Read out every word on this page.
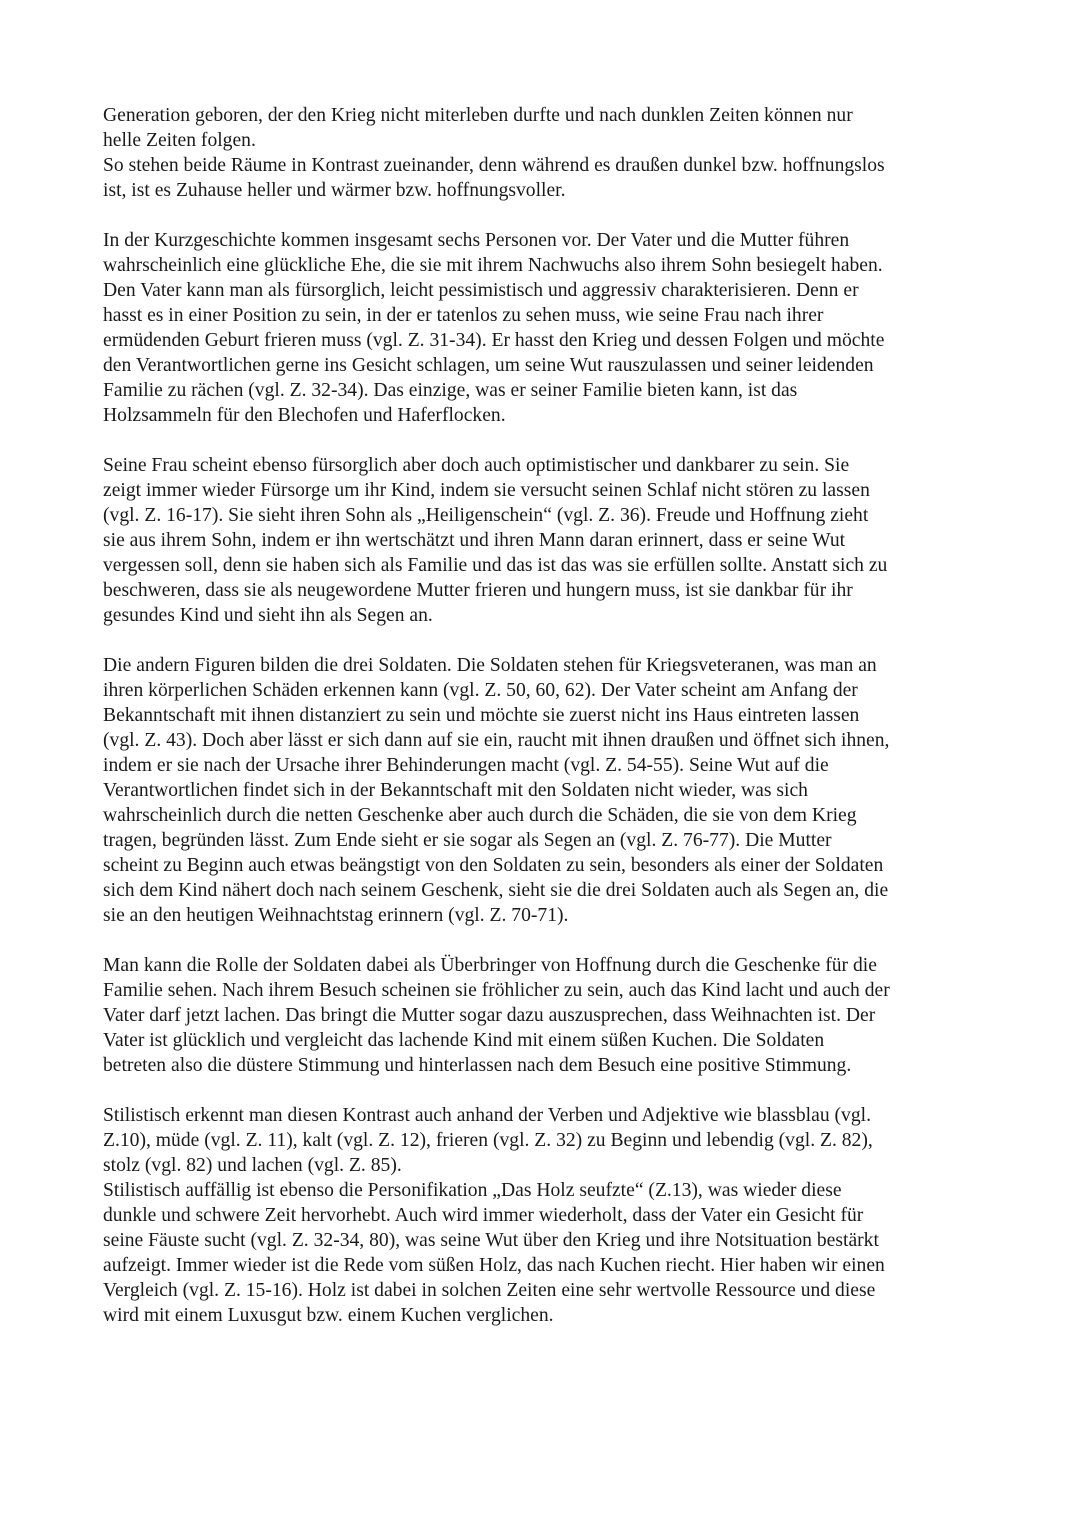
Generation geboren, der den Krieg nicht miterleben durfte und nach dunklen Zeiten können nur
helle Zeiten folgen.
So stehen beide Räume in Kontrast zueinander, denn während es draußen dunkel bzw. hoffnungslos
ist, ist es Zuhause heller und wärmer bzw. hoffnungsvoller.
In der Kurzgeschichte kommen insgesamt sechs Personen vor. Der Vater und die Mutter führen
wahrscheinlich eine glückliche Ehe, die sie mit ihrem Nachwuchs also ihrem Sohn besiegelt haben.
Den Vater kann man als fürsorglich, leicht pessimistisch und aggressiv charakterisieren. Denn er
hasst es in einer Position zu sein, in der er tatenlos zu sehen muss, wie seine Frau nach ihrer
ermüdenden Geburt frieren muss (vgl. Z. 31-34). Er hasst den Krieg und dessen Folgen und möchte
den Verantwortlichen gerne ins Gesicht schlagen, um seine Wut rauszulassen und seiner leidenden
Familie zu rächen (vgl. Z. 32-34). Das einzige, was er seiner Familie bieten kann, ist das
Holzsammeln für den Blechofen und Haferflocken.
Seine Frau scheint ebenso fürsorglich aber doch auch optimistischer und dankbarer zu sein. Sie
zeigt immer wieder Fürsorge um ihr Kind, indem sie versucht seinen Schlaf nicht stören zu lassen
(vgl. Z. 16-17). Sie sieht ihren Sohn als „Heiligenschein“ (vgl. Z. 36). Freude und Hoffnung zieht
sie aus ihrem Sohn, indem er ihn wertschätzt und ihren Mann daran erinnert, dass er seine Wut
vergessen soll, denn sie haben sich als Familie und das ist das was sie erfüllen sollte. Anstatt sich zu
beschweren, dass sie als neugewordene Mutter frieren und hungern muss, ist sie dankbar für ihr
gesundes Kind und sieht ihn als Segen an.
Die andern Figuren bilden die drei Soldaten. Die Soldaten stehen für Kriegsveteranen, was man an
ihren körperlichen Schäden erkennen kann (vgl. Z. 50, 60, 62). Der Vater scheint am Anfang der
Bekanntschaft mit ihnen distanziert zu sein und möchte sie zuerst nicht ins Haus eintreten lassen
(vgl. Z. 43). Doch aber lässt er sich dann auf sie ein, raucht mit ihnen draußen und öffnet sich ihnen,
indem er sie nach der Ursache ihrer Behinderungen macht (vgl. Z. 54-55). Seine Wut auf die
Verantwortlichen findet sich in der Bekanntschaft mit den Soldaten nicht wieder, was sich
wahrscheinlich durch die netten Geschenke aber auch durch die Schäden, die sie von dem Krieg
tragen, begründen lässt. Zum Ende sieht er sie sogar als Segen an (vgl. Z. 76-77). Die Mutter
scheint zu Beginn auch etwas beängstigt von den Soldaten zu sein, besonders als einer der Soldaten
sich dem Kind nähert doch nach seinem Geschenk, sieht sie die drei Soldaten auch als Segen an, die
sie an den heutigen Weihnachtstag erinnern (vgl. Z. 70-71).
Man kann die Rolle der Soldaten dabei als Überbringer von Hoffnung durch die Geschenke für die
Familie sehen. Nach ihrem Besuch scheinen sie fröhlicher zu sein, auch das Kind lacht und auch der
Vater darf jetzt lachen. Das bringt die Mutter sogar dazu auszusprechen, dass Weihnachten ist. Der
Vater ist glücklich und vergleicht das lachende Kind mit einem süßen Kuchen. Die Soldaten
betreten also die düstere Stimmung und hinterlassen nach dem Besuch eine positive Stimmung.
Stilistisch erkennt man diesen Kontrast auch anhand der Verben und Adjektive wie blassblau (vgl.
Z.10), müde (vgl. Z. 11), kalt (vgl. Z. 12), frieren (vgl. Z. 32) zu Beginn und lebendig (vgl. Z. 82),
stolz (vgl. 82) und lachen (vgl. Z. 85).
Stilistisch auffällig ist ebenso die Personifikation „Das Holz seufzte“ (Z.13), was wieder diese
dunkle und schwere Zeit hervorhebt. Auch wird immer wiederholt, dass der Vater ein Gesicht für
seine Fäuste sucht (vgl. Z. 32-34, 80), was seine Wut über den Krieg und ihre Notsituation bestärkt
aufzeigt. Immer wieder ist die Rede vom süßen Holz, das nach Kuchen riecht. Hier haben wir einen
Vergleich (vgl. Z. 15-16). Holz ist dabei in solchen Zeiten eine sehr wertvolle Ressource und diese
wird mit einem Luxusgut bzw. einem Kuchen verglichen.
